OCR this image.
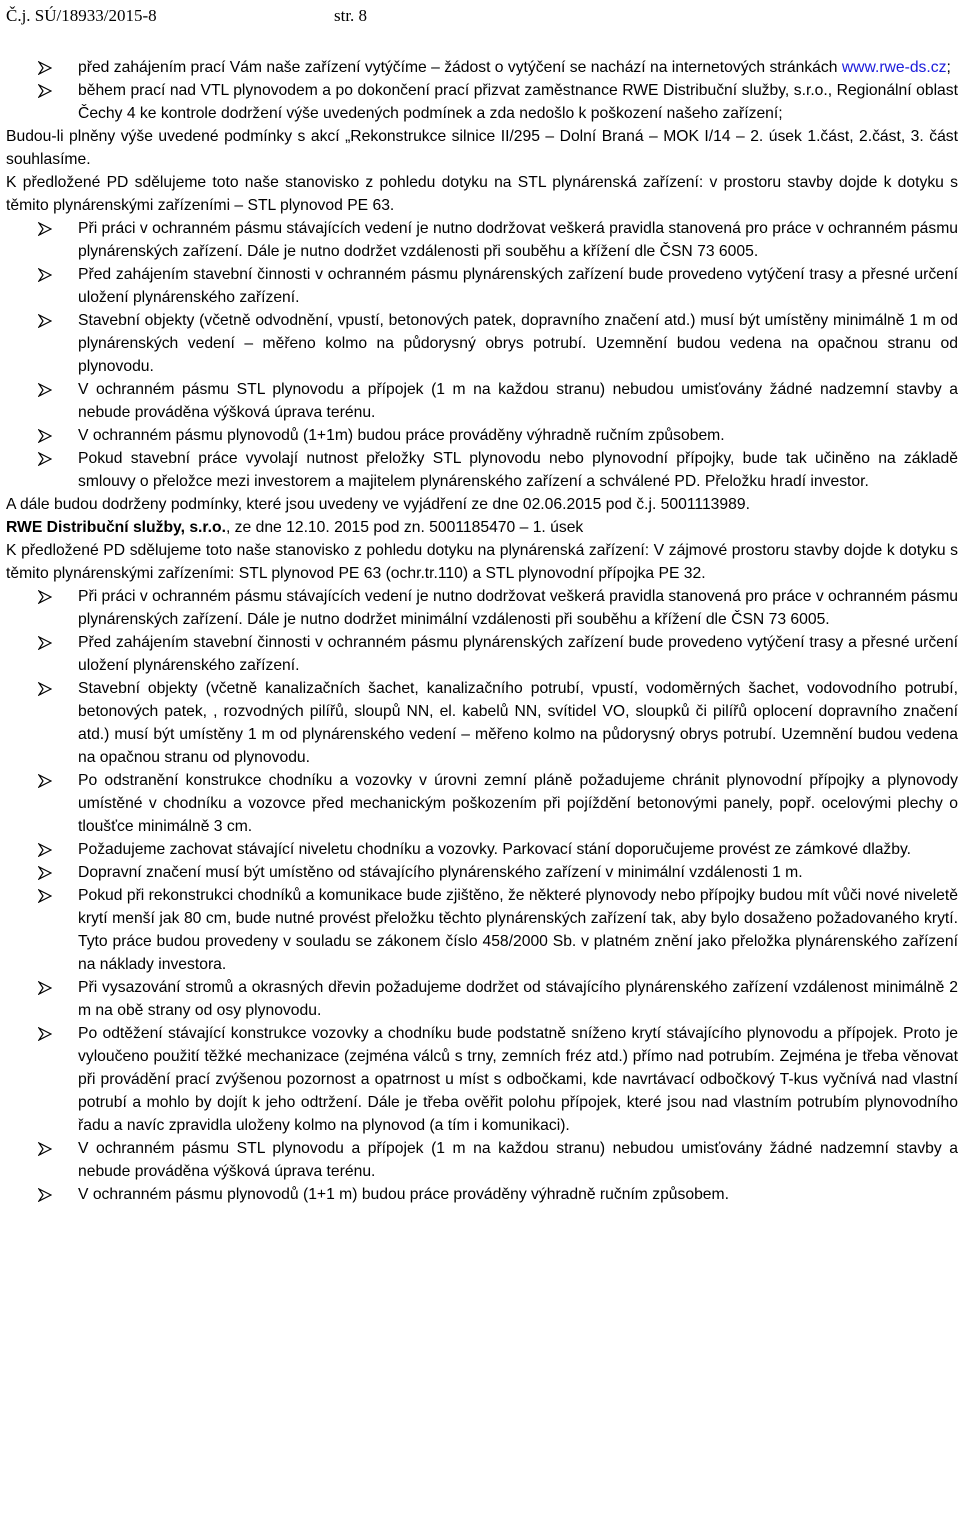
Č.j. SÚ/18933/2015-8	str. 8
před zahájením prací Vám naše zařízení vytýčíme – žádost o vytýčení se nachází na internetových stránkách www.rwe-ds.cz;
během prací nad VTL plynovodem a po dokončení prací přizvat zaměstnance RWE Distribuční služby, s.r.o., Regionální oblast Čechy 4 ke kontrole dodržení výše uvedených podmínek a zda nedošlo k poškození našeho zařízení;

Budou-li plněny výše uvedené podmínky s akcí „Rekonstrukce silnice II/295 – Dolní Braná – MOK I/14 – 2. úsek 1.část, 2.část, 3. část souhlasíme.

K předložené PD sdělujeme toto naše stanovisko z pohledu dotyku na STL plynárenská zařízení: v prostoru stavby dojde k dotyku s těmito plynárenskými zařízeními – STL plynovod PE 63.

Při práci v ochranném pásmu stávajících vedení je nutno dodržovat veškerá pravidla stanovená pro práce v ochranném pásmu plynárenských zařízení. Dále je nutno dodržet vzdálenosti při souběhu a křížení dle ČSN 73 6005.
Před zahájením stavební činnosti v ochranném pásmu plynárenských zařízení bude provedeno vytýčení trasy a přesné určení uložení plynárenského zařízení.
Stavební objekty (včetně odvodnění, vpustí, betonových patek, dopravního značení atd.) musí být umístěny minimálně 1 m od plynárenských vedení – měřeno kolmo na půdorysný obrys potrubí. Uzemnění budou vedena na opačnou stranu od plynovodu.
V ochranném pásmu STL plynovodu a přípojek (1 m na každou stranu) nebudou umisťovány žádné nadzemní stavby a nebude prováděna výšková úprava terénu.
V ochranném pásmu plynovodů (1+1m) budou práce prováděny výhradně ručním způsobem.
Pokud stavební práce vyvolají nutnost přeložky STL plynovodu nebo plynovodní přípojky, bude tak učiněno na základě smlouvy o přeložce mezi investorem a majitelem plynárenského zařízení a schválené PD. Přeložku hradí investor.

A dále budou dodrženy podmínky, které jsou uvedeny ve vyjádření ze dne 02.06.2015 pod č.j. 5001113989.

RWE Distribuční služby, s.r.o., ze dne 12.10. 2015 pod zn. 5001185470 – 1. úsek

K předložené PD sdělujeme toto naše stanovisko z pohledu dotyku na plynárenská zařízení: V zájmové prostoru stavby dojde k dotyku s těmito plynárenskými zařízeními: STL plynovod PE 63 (ochr.tr.110) a STL plynovodní přípojka PE 32.

Při práci v ochranném pásmu stávajících vedení je nutno dodržovat veškerá pravidla stanovená pro práce v ochranném pásmu plynárenských zařízení. Dále je nutno dodržet minimální vzdálenosti při souběhu a křížení dle ČSN 73 6005.
Před zahájením stavební činnosti v ochranném pásmu plynárenských zařízení bude provedeno vytýčení trasy a přesné určení uložení plynárenského zařízení.
Stavební objekty (včetně kanalizačních šachet, kanalizačního potrubí, vpustí, vodoměrných šachet, vodovodního potrubí, betonových patek, , rozvodných pilířů, sloupů NN, el. kabelů NN, svítidel VO, sloupků či pilířů oplocení dopravního značení atd.) musí být umístěny 1 m od plynárenského vedení – měřeno kolmo na půdorysný obrys potrubí. Uzemnění budou vedena na opačnou stranu od plynovodu.
Po odstranění konstrukce chodníku a vozovky v úrovni zemní pláně požadujeme chránit plynovodní přípojky a plynovody umístěné v chodníku a vozovce před mechanickým poškozením při pojíždění betonovými panely, popř. ocelovými plechy o tloušťce minimálně 3 cm.
Požadujeme zachovat stávající niveletu chodníku a vozovky. Parkovací stání doporučujeme provést ze zámkové dlažby.
Dopravní značení musí být umístěno od stávajícího plynárenského zařízení v minimální vzdálenosti 1 m.
Pokud při rekonstrukci chodníků a komunikace bude zjištěno, že některé plynovody nebo přípojky budou mít vůči nové niveletě krytí menší jak 80 cm, bude nutné provést přeložku těchto plynárenských zařízení tak, aby bylo dosaženo požadovaného krytí. Tyto práce budou provedeny v souladu se zákonem číslo 458/2000 Sb. v platném znění jako přeložka plynárenského zařízení na náklady investora.
Při vysazování stromů a okrasných dřevin požadujeme dodržet od stávajícího plynárenského zařízení vzdálenost minimálně 2 m na obě strany od osy plynovodu.
Po odtěžení stávající konstrukce vozovky a chodníku bude podstatně sníženo krytí stávajícího plynovodu a přípojek. Proto je vyloučeno použití těžké mechanizace (zejména válců s trny, zemních fréz atd.) přímo nad potrubím. Zejména je třeba věnovat při provádění prací zvýšenou pozornost a opatrnost u míst s odbočkami, kde navrtávací odbočkový T-kus vyčnívá nad vlastní potrubí a mohlo by dojít k jeho odtržení. Dále je třeba ověřit polohu přípojek, které jsou nad vlastním potrubím plynovodního řadu a navíc zpravidla uloženy kolmo na plynovod (a tím i komunikaci).
V ochranném pásmu STL plynovodu a přípojek (1 m na každou stranu) nebudou umisťovány žádné nadzemní stavby a nebude prováděna výšková úprava terénu.
V ochranném pásmu plynovodů (1+1 m) budou práce prováděny výhradně ručním způsobem.
